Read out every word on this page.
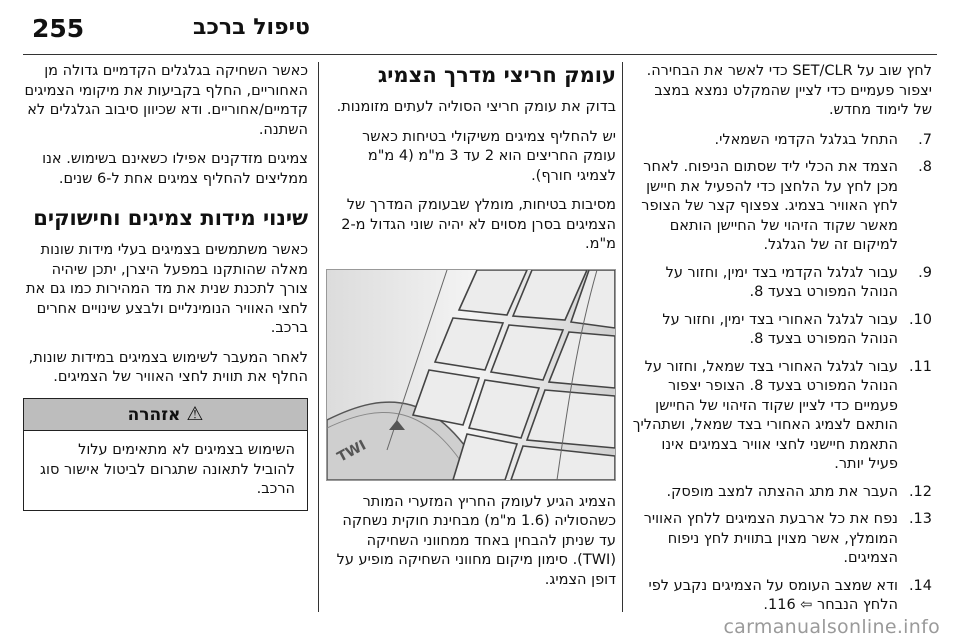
255	טיפול ברכב

לחץ שוב על SET/CLR כדי לאשר את הבחירה. יצפור פעמיים כדי לציין שהמקלט נמצא במצב של לימוד מחדש.

.7
התחל בגלגל הקדמי השמאלי.
.8
הצמד את הכלי ליד שסתום הניפוח. לאחר מכן לחץ על הלחצן כדי להפעיל את חיישן לחץ האוויר בצמיג. צפצוף קצר של הצופר מאשר שקוד הזיהוי של החיישן הותאם למיקום זה של הגלגל.
.9
עבור לגלגל הקדמי בצד ימין, וחזור על הנוהל המפורט בצעד 8.
.10
עבור לגלגל האחורי בצד ימין, וחזור על הנוהל המפורט בצעד 8.
.11
עבור לגלגל האחורי בצד שמאל, וחזור על הנוהל המפורט בצעד 8. הצופר יצפור פעמיים כדי לציין שקוד הזיהוי של החיישן הותאם לצמיג האחורי בצד שמאל, ושתהליך התאמת חיישני לחצי אוויר בצמיגים אינו פעיל יותר.
.12
העבר את מתג ההצתה למצב מופסק.
.13
נפח את כל ארבעת הצמיגים ללחץ האוויר המומלץ, אשר מצוין בתווית לחץ ניפוח הצמיגים.
.14
ודא שמצב העומס על הצמיגים נקבע לפי הלחץ הנבחר ⇦ 116.
עומק חריצי מדרך הצמיג

בדוק את עומק חריצי הסוליה לעתים מזומנות.

יש להחליף צמיגים משיקולי בטיחות כאשר עומק החריצים הוא 2 עד 3 מ"מ (4 מ"מ לצמיגי חורף).

מסיבות בטיחות, מומלץ שבעומק המדרך של הצמיגים בסרן מסוים לא יהיה שוני הגדול מ-2 מ"מ.

TWI

הצמיג הגיע לעומק החריץ המזערי המותר כשהסוליה (1.6 מ"מ) מבחינת חוקית נשחקה עד שניתן להבחין באחד ממחווני השחיקה (TWI). סימון מיקום מחווני השחיקה מופיע על דופן הצמיג.

כאשר השחיקה בגלגלים הקדמיים גדולה מן האחוריים, החלף בקביעות את מיקומי הצמיגים קדמיים/אחוריים. ודא שכיוון סיבוב הגלגלים לא השתנה.

צמיגים מזדקנים אפילו כשאינם בשימוש. אנו ממליצים להחליף צמיגים אחת ל-6 שנים.

שינוי מידות צמיגים וחישוקים

כאשר משתמשים בצמיגים בעלי מידות שונות מאלה שהותקנו במפעל היצרן, יתכן שיהיה צורך לתכנת שנית את מד המהירות כמו גם את לחצי האוויר הנומינליים ולבצע שינויים אחרים ברכב.

לאחר המעבר לשימוש בצמיגים במידות שונות, החלף את תווית לחצי האוויר של הצמיגים.

⚠ אזהרה
השימוש בצמיגים לא מתאימים עלול להוביל לתאונה שתגרום לביטול אישור סוג הרכב.
carmanualsonline.info
